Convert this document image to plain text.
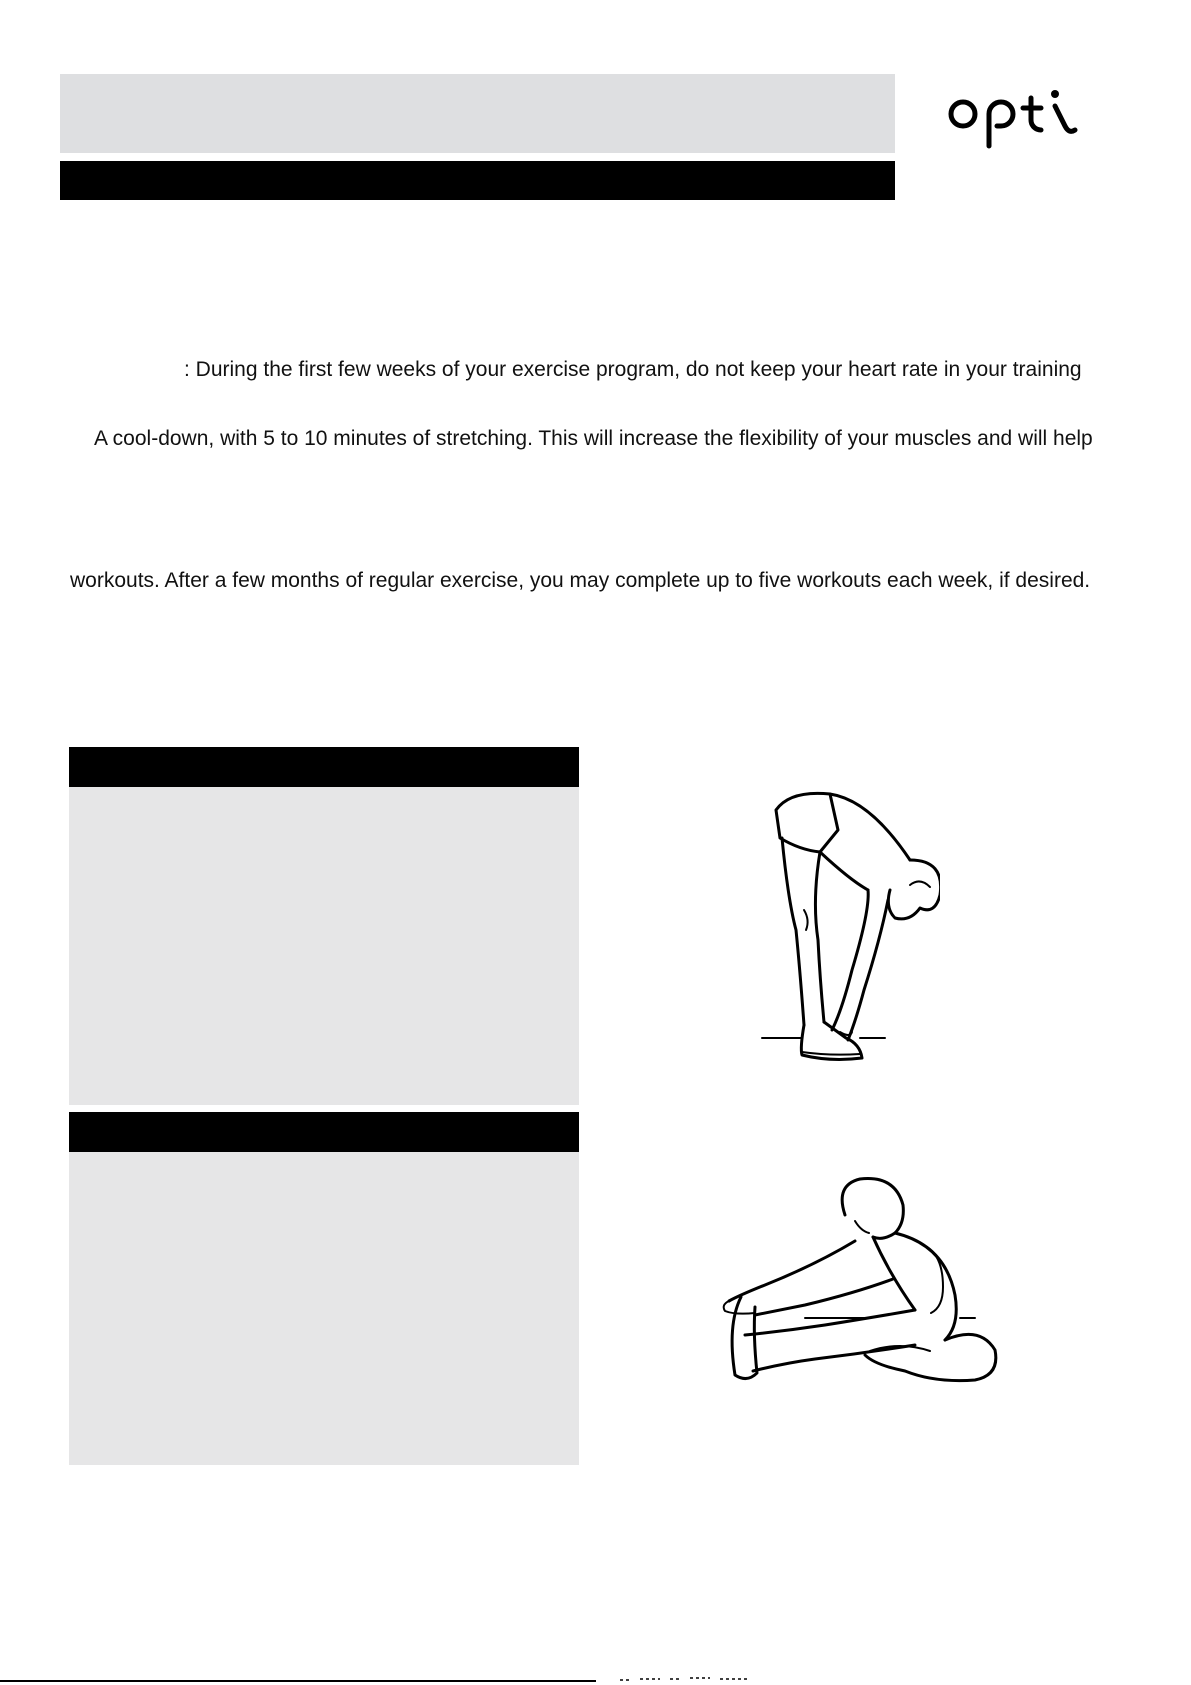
: During the first few weeks of your exercise program, do not keep your heart rate in your training
A cool-down, with 5 to 10 minutes of stretching. This will increase the flexibility of your muscles and will help
workouts. After a few months of regular exercise, you may complete up to five workouts each week, if desired.
